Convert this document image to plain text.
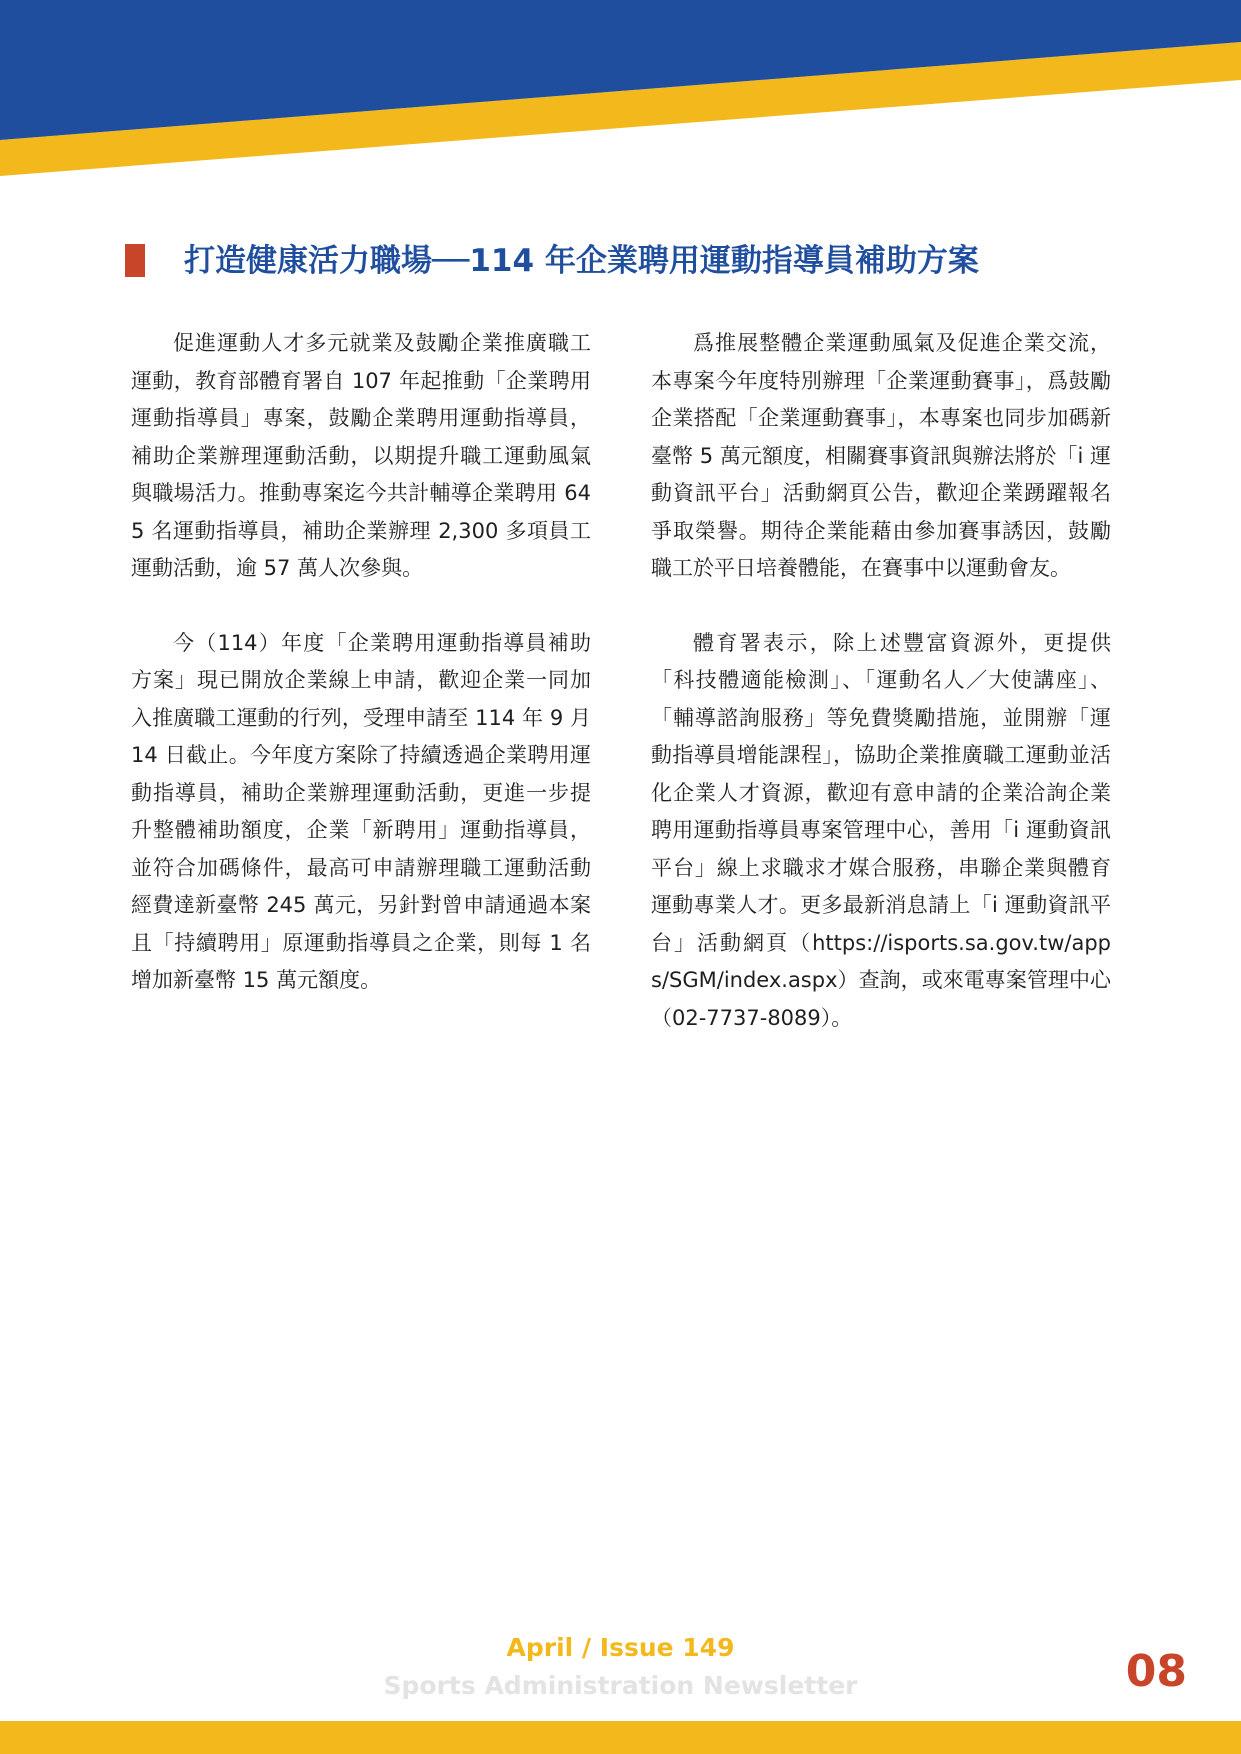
打造健康活力職場──114 年企業聘用運動指導員補助方案

促進運動人才多元就業及鼓勵企業推廣職工運動，教育部體育署自 107 年起推動「企業聘用運動指導員」專案，鼓勵企業聘用運動指導員，補助企業辦理運動活動，以期提升職工運動風氣與職場活力。推動專案迄今共計輔導企業聘用 645 名運動指導員，補助企業辦理 2,300 多項員工運動活動，逾 57 萬人次參與。

今（114）年度「企業聘用運動指導員補助方案」現已開放企業線上申請，歡迎企業一同加入推廣職工運動的行列，受理申請至 114 年 9 月 14 日截止。今年度方案除了持續透過企業聘用運動指導員，補助企業辦理運動活動，更進一步提升整體補助額度，企業「新聘用」運動指導員，並符合加碼條件，最高可申請辦理職工運動活動經費達新臺幣 245 萬元，另針對曾申請通過本案且「持續聘用」原運動指導員之企業，則每 1 名增加新臺幣 15 萬元額度。

爲推展整體企業運動風氣及促進企業交流，本專案今年度特別辦理「企業運動賽事」，爲鼓勵企業搭配「企業運動賽事」，本專案也同步加碼新臺幣 5 萬元額度，相關賽事資訊與辦法將於「i 運動資訊平台」活動網頁公告，歡迎企業踴躍報名爭取榮譽。期待企業能藉由參加賽事誘因，鼓勵職工於平日培養體能，在賽事中以運動會友。

體育署表示，除上述豐富資源外，更提供「科技體適能檢測」、「運動名人／大使講座」、「輔導諮詢服務」等免費獎勵措施，並開辦「運動指導員增能課程」，協助企業推廣職工運動並活化企業人才資源，歡迎有意申請的企業洽詢企業聘用運動指導員專案管理中心，善用「i 運動資訊平台」線上求職求才媒合服務，串聯企業與體育運動專業人才。更多最新消息請上「i 運動資訊平台」活動網頁（https://isports.sa.gov.tw/apps/SGM/index.aspx）查詢，或來電專案管理中心（02-7737-8089）。

April / Issue 149
Sports Administration Newsletter	08
